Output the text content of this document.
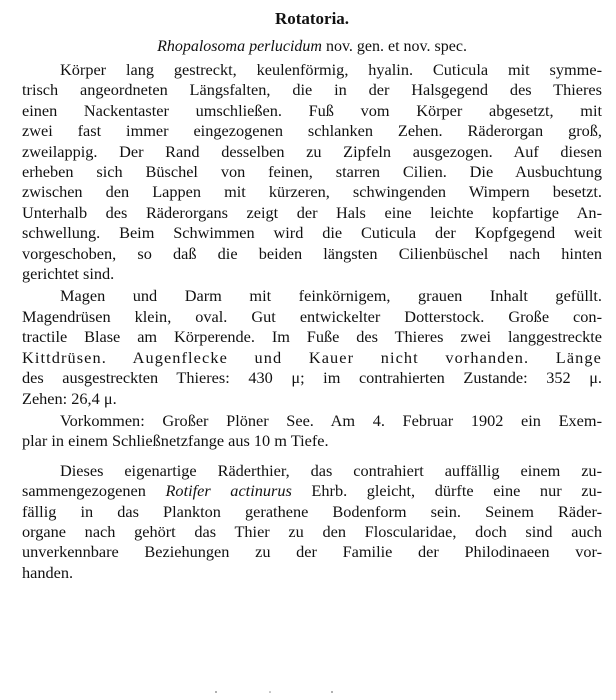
Rotatoria.
Rhopalosoma perlucidum nov. gen. et nov. spec.

Körper lang gestreckt, keulenförmig, hyalin. Cuticula mit symme-
trisch angeordneten Längsfalten, die in der Halsgegend des Thieres
einen Nackentaster umschließen. Fuß vom Körper abgesetzt, mit
zwei fast immer eingezogenen schlanken Zehen. Räderorgan groß,
zweilappig. Der Rand desselben zu Zipfeln ausgezogen. Auf diesen
erheben sich Büschel von feinen, starren Cilien. Die Ausbuchtung
zwischen den Lappen mit kürzeren, schwingenden Wimpern besetzt.
Unterhalb des Räderorgans zeigt der Hals eine leichte kopfartige An-
schwellung. Beim Schwimmen wird die Cuticula der Kopfgegend weit
vorgeschoben, so daß die beiden längsten Cilienbüschel nach hinten
gerichtet sind.

Magen und Darm mit feinkörnigem, grauen Inhalt gefüllt.
Magendrüsen klein, oval. Gut entwickelter Dotterstock. Große con-
tractile Blase am Körperende. Im Fuße des Thieres zwei langgestreckte
Kittdrüsen. Augenflecke und Kauer nicht vorhanden. Länge
des ausgestreckten Thieres: 430 μ; im contrahierten Zustande: 352 μ.
Zehen: 26,4 μ.

Vorkommen: Großer Plöner See. Am 4. Februar 1902 ein Exem-
plar in einem Schließnetzfange aus 10 m Tiefe.

Dieses eigenartige Räderthier, das contrahiert auffällig einem zu-
sammengezogenen Rotifer actinurus Ehrb. gleicht, dürfte eine nur zu-
fällig in das Plankton gerathene Bodenform sein. Seinem Räder-
organe nach gehört das Thier zu den Floscularidae, doch sind auch
unverkennbare Beziehungen zu der Familie der Philodinaeen vor-
handen.
